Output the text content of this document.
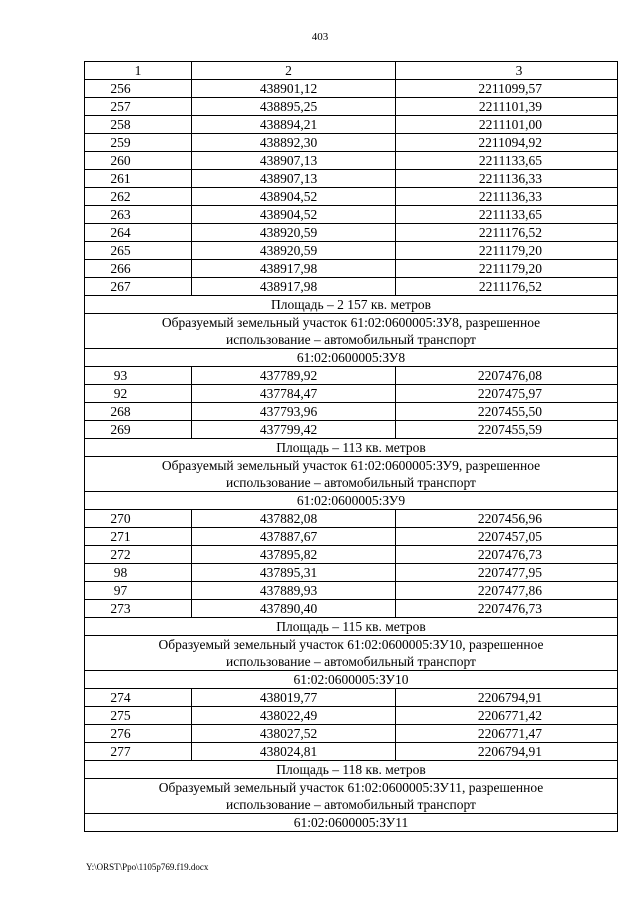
403
1	2	3
256	438901,12	2211099,57
257	438895,25	2211101,39
258	438894,21	2211101,00
259	438892,30	2211094,92
260	438907,13	2211133,65
261	438907,13	2211136,33
262	438904,52	2211136,33
263	438904,52	2211133,65
264	438920,59	2211176,52
265	438920,59	2211179,20
266	438917,98	2211179,20
267	438917,98	2211176,52
Площадь – 2 157 кв. метров		
Образуемый земельный участок 61:02:0600005:ЗУ8, разрешенное		
использование – автомобильный транспорт		
61:02:0600005:ЗУ8		
93	437789,92	2207476,08
92	437784,47	2207475,97
268	437793,96	2207455,50
269	437799,42	2207455,59
Площадь – 113 кв. метров		
Образуемый земельный участок 61:02:0600005:ЗУ9, разрешенное		
использование – автомобильный транспорт		
61:02:0600005:ЗУ9		
270	437882,08	2207456,96
271	437887,67	2207457,05
272	437895,82	2207476,73
98	437895,31	2207477,95
97	437889,93	2207477,86
273	437890,40	2207476,73
Площадь – 115 кв. метров		
Образуемый земельный участок 61:02:0600005:ЗУ10, разрешенное		
использование – автомобильный транспорт		
61:02:0600005:ЗУ10		
274	438019,77	2206794,91
275	438022,49	2206771,42
276	438027,52	2206771,47
277	438024,81	2206794,91
Площадь – 118 кв. метров		
Образуемый земельный участок 61:02:0600005:ЗУ11, разрешенное		
использование – автомобильный транспорт		
61:02:0600005:ЗУ11		
Y:\ORST\Ppo\1105p769.f19.docx
